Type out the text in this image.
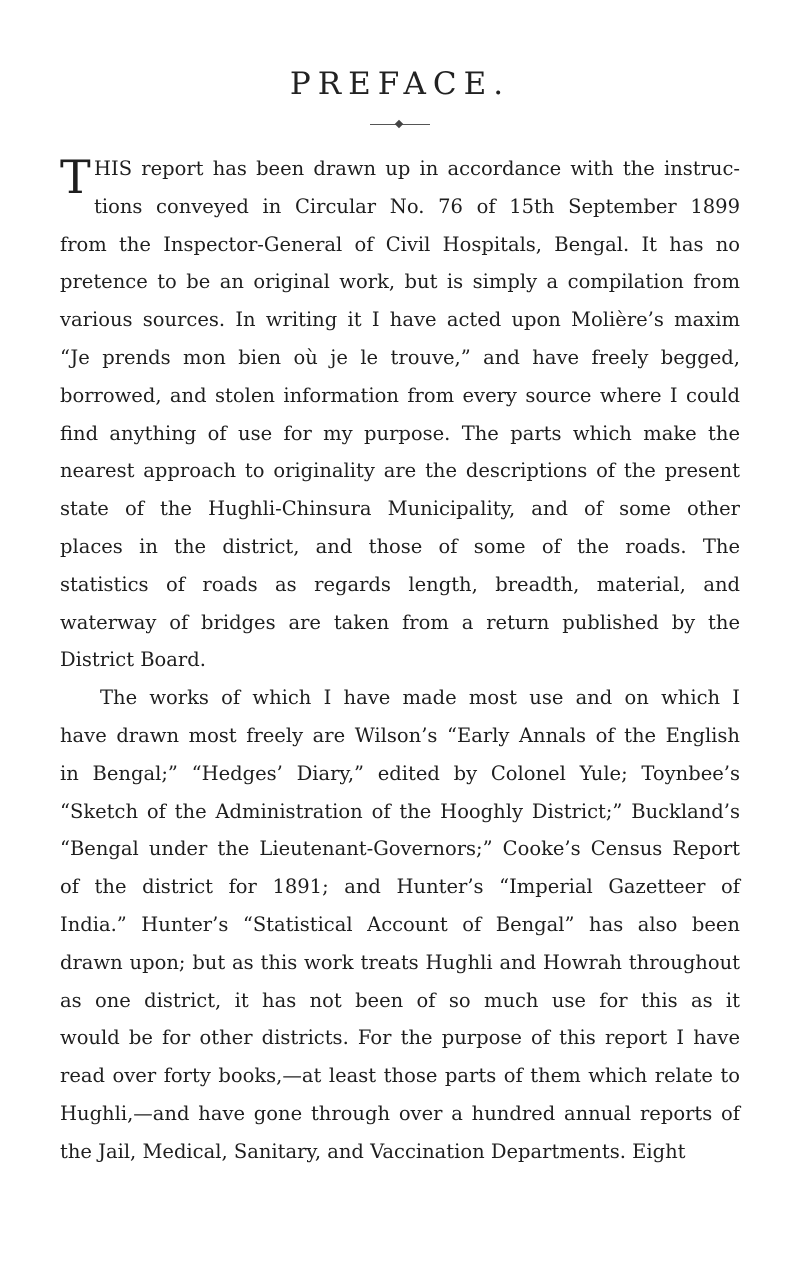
PREFACE.
T HIS report has been drawn up in accordance with the instruc-
tions conveyed in Circular No. 76 of 15th September 1899
from the Inspector-General of Civil Hospitals, Bengal. It has no
pretence to be an original work, but is simply a compilation from
various sources. In writing it I have acted upon Molière’s maxim
“Je prends mon bien où je le trouve,” and have freely begged,
borrowed, and stolen information from every source where I could
find anything of use for my purpose. The parts which make the
nearest approach to originality are the descriptions of the present
state of the Hughli-Chinsura Municipality, and of some other
places in the district, and those of some of the roads. The
statistics of roads as regards length, breadth, material, and
waterway of bridges are taken from a return published by the
District Board.
The works of which I have made most use and on which I
have drawn most freely are Wilson’s “Early Annals of the English
in Bengal;” “Hedges’ Diary,” edited by Colonel Yule; Toynbee’s
“Sketch of the Administration of the Hooghly District;” Buckland’s
“Bengal under the Lieutenant-Governors;” Cooke’s Census Report
of the district for 1891; and Hunter’s “Imperial Gazetteer of
India.” Hunter’s “Statistical Account of Bengal” has also been
drawn upon; but as this work treats Hughli and Howrah throughout
as one district, it has not been of so much use for this as it
would be for other districts. For the purpose of this report I have
read over forty books,—at least those parts of them which relate to
Hughli,—and have gone through over a hundred annual reports of
the Jail, Medical, Sanitary, and Vaccination Departments. Eight
